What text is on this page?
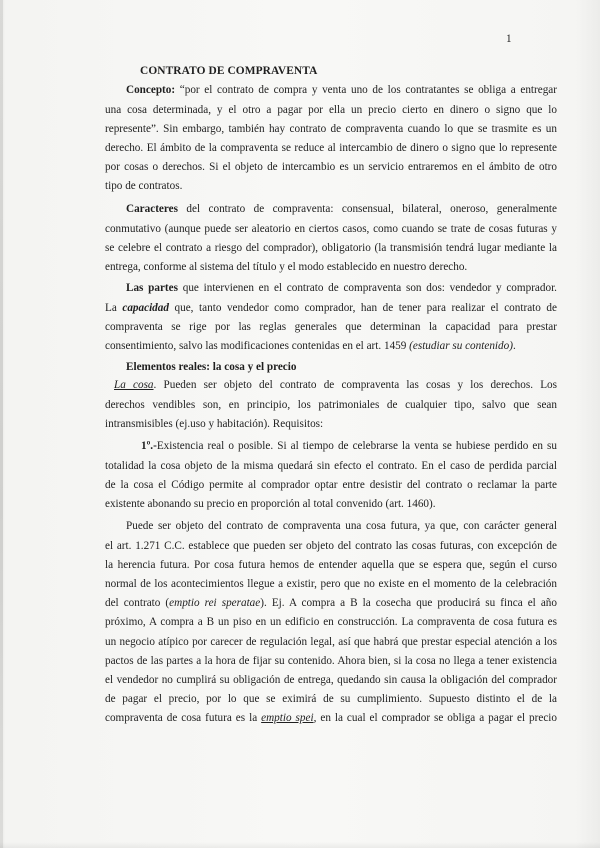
1
CONTRATO DE COMPRAVENTA
Concepto: “por el contrato de compra y venta uno de los contratantes se obliga a entregar
una cosa determinada, y el otro a pagar por ella un precio cierto en dinero o signo que lo
represente”. Sin embargo, también hay contrato de compraventa cuando lo que se trasmite es un
derecho. El ámbito de la compraventa se reduce al intercambio de dinero o signo que lo represente
por cosas o derechos. Si el objeto de intercambio es un servicio entraremos en el ámbito de otro
tipo de contratos.
Caracteres del contrato de compraventa: consensual, bilateral, oneroso, generalmente
conmutativo (aunque puede ser aleatorio en ciertos casos, como cuando se trate de cosas futuras y
se celebre el contrato a riesgo del comprador), obligatorio (la transmisión tendrá lugar mediante la
entrega, conforme al sistema del título y el modo establecido en nuestro derecho.
Las partes que intervienen en el contrato de compraventa son dos: vendedor y comprador.
La capacidad que, tanto vendedor como comprador, han de tener para realizar el contrato de
compraventa se rige por las reglas generales que determinan la capacidad para prestar
consentimiento, salvo las modificaciones contenidas en el art. 1459 (estudiar su contenido).
Elementos reales: la cosa y el precio
La cosa. Pueden ser objeto del contrato de compraventa las cosas y los derechos. Los
derechos vendibles son, en principio, los patrimoniales de cualquier tipo, salvo que sean
intransmisibles (ej.uso y habitación). Requisitos:
1º.-Existencia real o posible. Si al tiempo de celebrarse la venta se hubiese perdido en su
totalidad la cosa objeto de la misma quedará sin efecto el contrato. En el caso de perdida parcial
de la cosa el Código permite al comprador optar entre desistir del contrato o reclamar la parte
existente abonando su precio en proporción al total convenido (art. 1460).
Puede ser objeto del contrato de compraventa una cosa futura, ya que, con carácter general
el art. 1.271 C.C. establece que pueden ser objeto del contrato las cosas futuras, con excepción de
la herencia futura. Por cosa futura hemos de entender aquella que se espera que, según el curso
normal de los acontecimientos llegue a existir, pero que no existe en el momento de la celebración
del contrato (emptio rei speratae). Ej. A compra a B la cosecha que producirá su finca el año
próximo, A compra a B un piso en un edificio en construcción. La compraventa de cosa futura es
un negocio atípico por carecer de regulación legal, así que habrá que prestar especial atención a los
pactos de las partes a la hora de fijar su contenido. Ahora bien, si la cosa no llega a tener existencia
el vendedor no cumplirá su obligación de entrega, quedando sin causa la obligación del comprador
de pagar el precio, por lo que se eximirá de su cumplimiento. Supuesto distinto el de la
compraventa de cosa futura es la emptio spei, en la cual el comprador se obliga a pagar el precio
